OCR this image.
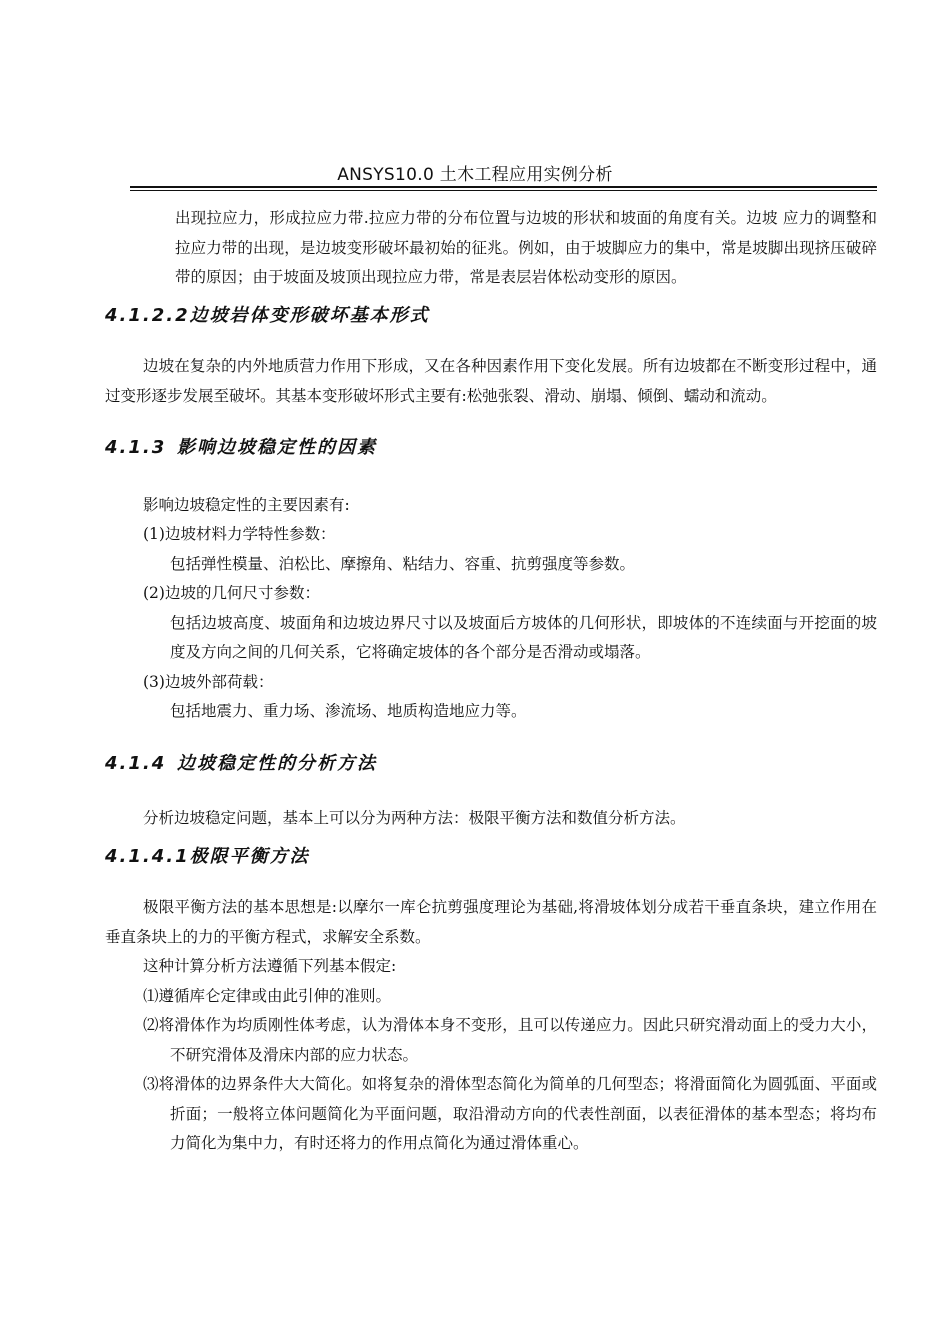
ANSYS10.0 土木工程应用实例分析

出现拉应力，形成拉应力带.拉应力带的分布位置与边坡的形状和坡面的角度有关。边坡 应力的调整和拉应力带的出现，是边坡变形破坏最初始的征兆。例如，由于坡脚应力的集中，常是坡脚出现挤压破碎带的原因；由于坡面及坡顶出现拉应力带，常是表层岩体松动变形的原因。

4.1.2.2边坡岩体变形破坏基本形式

边坡在复杂的内外地质营力作用下形成，又在各种因素作用下变化发展。所有边坡都在不断变形过程中，通过变形逐步发展至破坏。其基本变形破坏形式主要有:松弛张裂、滑动、崩塌、倾倒、蠕动和流动。

4.1.3 影响边坡稳定性的因素

影响边坡稳定性的主要因素有:

(1)边坡材料力学特性参数：

包括弹性模量、泊松比、摩擦角、粘结力、容重、抗剪强度等参数。

(2)边坡的几何尺寸参数：

包括边坡高度、坡面角和边坡边界尺寸以及坡面后方坡体的几何形状，即坡体的不连续面与开挖面的坡度及方向之间的几何关系，它将确定坡体的各个部分是否滑动或塌落。

(3)边坡外部荷载：

包括地震力、重力场、渗流场、地质构造地应力等。

4.1.4 边坡稳定性的分析方法

分析边坡稳定问题，基本上可以分为两种方法：极限平衡方法和数值分析方法。

4.1.4.1极限平衡方法

极限平衡方法的基本思想是:以摩尔一库仑抗剪强度理论为基础,将滑坡体划分成若干垂直条块，建立作用在垂直条块上的力的平衡方程式，求解安全系数。

这种计算分析方法遵循下列基本假定:

⑴遵循库仑定律或由此引伸的准则。

⑵将滑体作为均质刚性体考虑，认为滑体本身不变形，且可以传递应力。因此只研究滑动面上的受力大小，不研究滑体及滑床内部的应力状态。

⑶将滑体的边界条件大大简化。如将复杂的滑体型态简化为简单的几何型态；将滑面简化为圆弧面、平面或折面；一般将立体问题简化为平面问题，取沿滑动方向的代表性剖面，以表征滑体的基本型态；将均布力简化为集中力，有时还将力的作用点简化为通过滑体重心。
